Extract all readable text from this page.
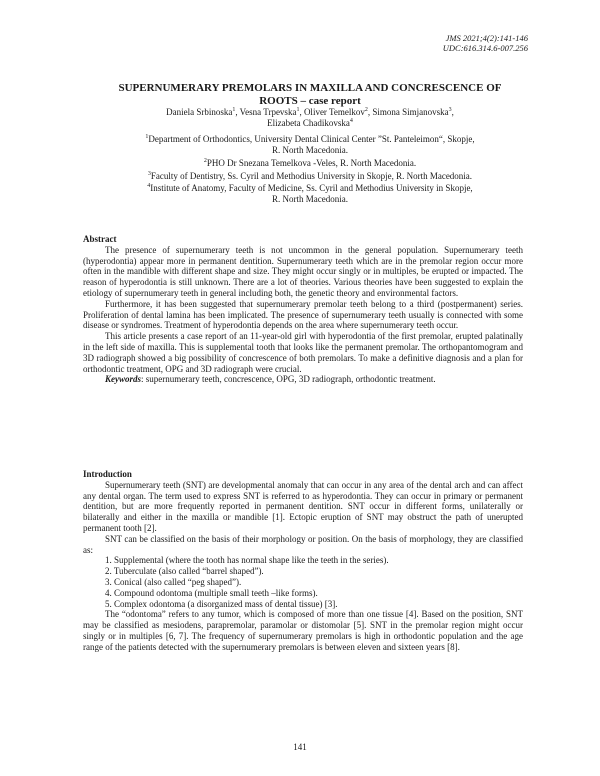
JMS 2021;4(2):141-146
UDC:616.314.6-007.256
SUPERNUMERARY PREMOLARS IN MAXILLA AND CONCRESCENCE OF
ROOTS – case report
Daniela Srbinoska$^1$, Vesna Trpevska$^1$, Oliver Temelkov$^2$, Simona Simjanovska$^3$,
Elizabeta Chadikovska$^4$
$^1$Department of Orthodontics, University Dental Clinical Center ”St. Panteleimon“, Skopje,
R. North Macedonia.
$^2$PHO Dr Snezana Temelkova -Veles, R. North Macedonia.
$^3$Faculty of Dentistry, Ss. Cyril and Methodius University in Skopje, R. North Macedonia.
$^4$Institute of Anatomy, Faculty of Medicine, Ss. Cyril and Methodius University in Skopje,
R. North Macedonia.
Abstract
The presence of supernumerary teeth is not uncommon in the general population. Supernumerary teeth (hyperodontia) appear more in permanent dentition. Supernumerary teeth which are in the premolar region occur more often in the mandible with different shape and size. They might occur singly or in multiples, be erupted or impacted. The reason of hyperodontia is still unknown. There are a lot of theories. Various theories have been suggested to explain the etiology of supernumerary teeth in general including both, the genetic theory and environmental factors.
Furthermore, it has been suggested that supernumerary premolar teeth belong to a third (postpermanent) series. Proliferation of dental lamina has been implicated. The presence of supernumerary teeth usually is connected with some disease or syndromes. Treatment of hyperodontia depends on the area where supernumerary teeth occur.
This article presents a case report of an 11-year-old girl with hyperodontia of the first premolar, erupted palatinally in the left side of maxilla. This is supplemental tooth that looks like the permanent premolar. The orthopantomogram and 3D radiograph showed a big possibility of concrescence of both premolars. To make a definitive diagnosis and a plan for orthodontic treatment, OPG and 3D radiograph were crucial.
Keywords: supernumerary teeth, concrescence, OPG, 3D radiograph, orthodontic treatment.
Introduction
Supernumerary teeth (SNT) are developmental anomaly that can occur in any area of the dental arch and can affect any dental organ. The term used to express SNT is referred to as hyperodontia. They can occur in primary or permanent dentition, but are more frequently reported in permanent dentition. SNT occur in different forms, unilaterally or bilaterally and either in the maxilla or mandible [1]. Ectopic eruption of SNT may obstruct the path of unerupted permanent tooth [2].
SNT can be classified on the basis of their morphology or position. On the basis of morphology, they are classified as:
1. Supplemental (where the tooth has normal shape like the teeth in the series).
2. Tuberculate (also called “barrel shaped”).
3. Conical (also called “peg shaped”).
4. Compound odontoma (multiple small teeth –like forms).
5. Complex odontoma (a disorganized mass of dental tissue) [3].
The “odontoma” refers to any tumor, which is composed of more than one tissue [4]. Based on the position, SNT may be classified as mesiodens, parapremolar, paramolar or distomolar [5]. SNT in the premolar region might occur singly or in multiples [6, 7]. The frequency of supernumerary premolars is high in orthodontic population and the age range of the patients detected with the supernumerary premolars is between eleven and sixteen years [8].
141
